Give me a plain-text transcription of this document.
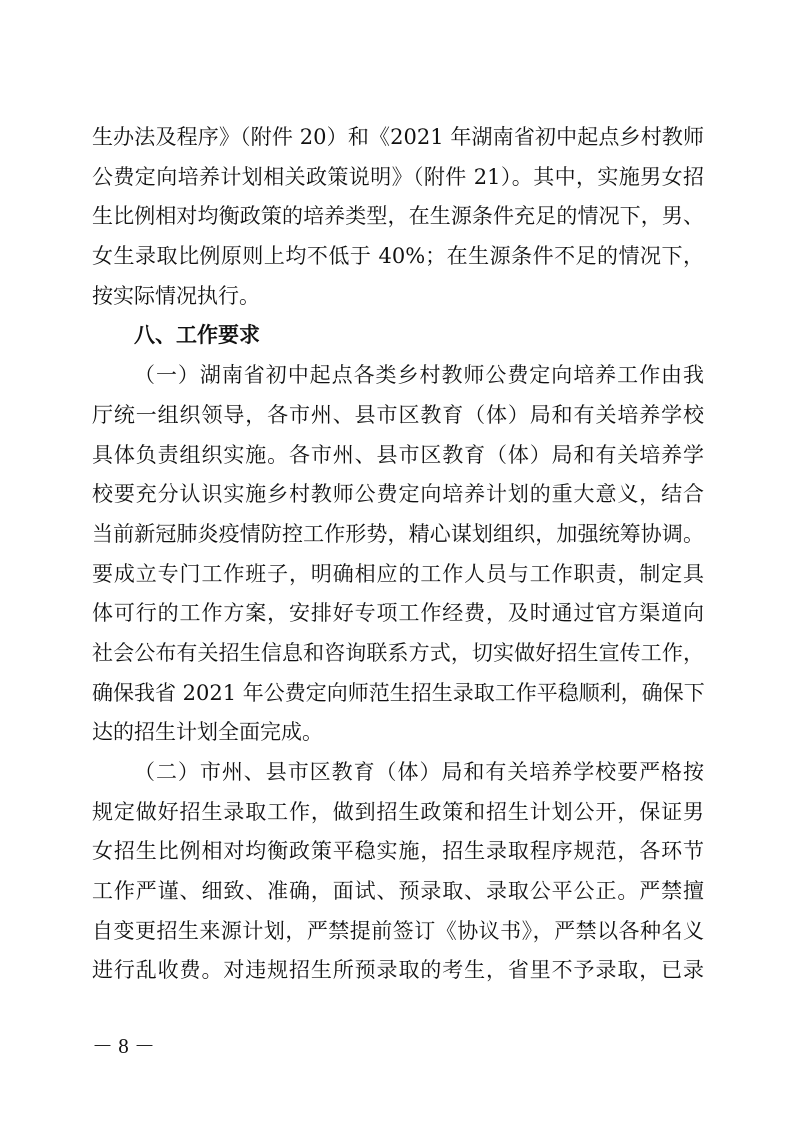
生办法及程序》（附件 20）和《2021 年湖南省初中起点乡村教师
公费定向培养计划相关政策说明》（附件 21）。其中，实施男女招
生比例相对均衡政策的培养类型，在生源条件充足的情况下，男、
女生录取比例原则上均不低于 40%；在生源条件不足的情况下，
按实际情况执行。
八、工作要求
（一）湖南省初中起点各类乡村教师公费定向培养工作由我
厅统一组织领导，各市州、县市区教育（体）局和有关培养学校
具体负责组织实施。各市州、县市区教育（体）局和有关培养学
校要充分认识实施乡村教师公费定向培养计划的重大意义，结合
当前新冠肺炎疫情防控工作形势，精心谋划组织，加强统筹协调。
要成立专门工作班子，明确相应的工作人员与工作职责，制定具
体可行的工作方案，安排好专项工作经费，及时通过官方渠道向
社会公布有关招生信息和咨询联系方式，切实做好招生宣传工作，
确保我省 2021 年公费定向师范生招生录取工作平稳顺利，确保下
达的招生计划全面完成。
（二）市州、县市区教育（体）局和有关培养学校要严格按
规定做好招生录取工作，做到招生政策和招生计划公开，保证男
女招生比例相对均衡政策平稳实施，招生录取程序规范，各环节
工作严谨、细致、准确，面试、预录取、录取公平公正。严禁擅
自变更招生来源计划，严禁提前签订《协议书》，严禁以各种名义
进行乱收费。对违规招生所预录取的考生，省里不予录取，已录
－ 8 －
